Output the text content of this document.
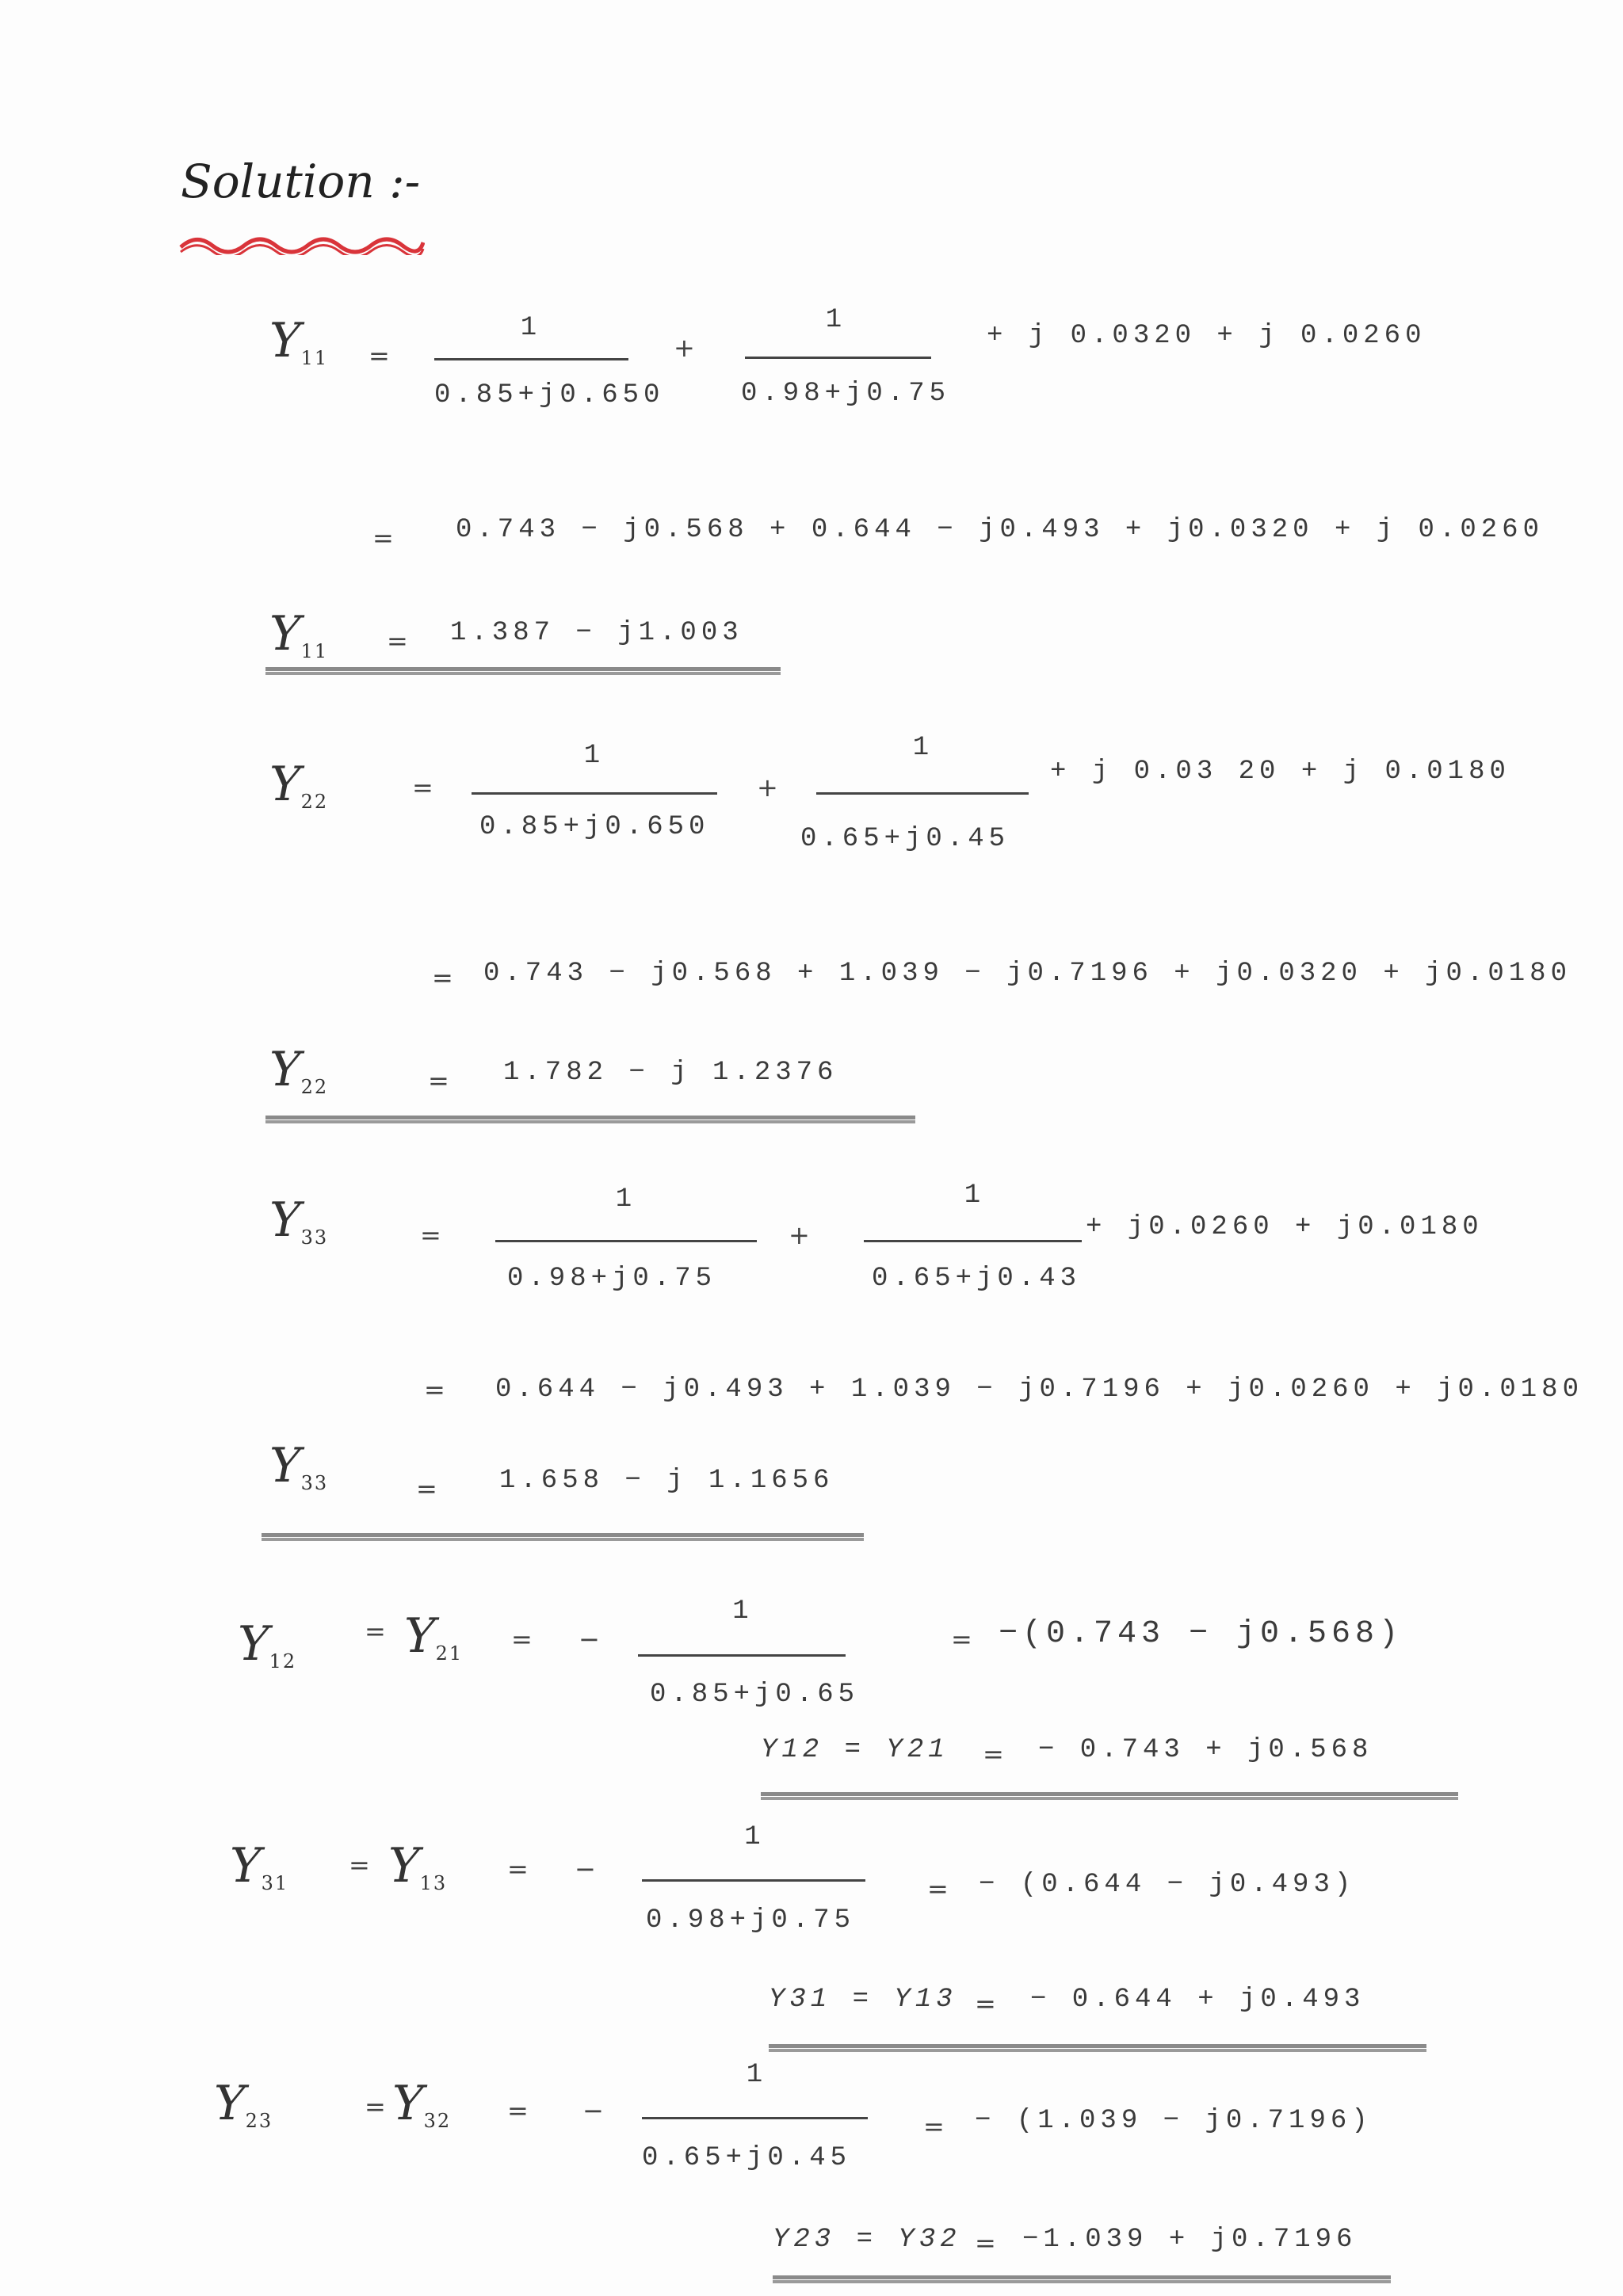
Solution :-
$Y_{11}$ =
1
0.85+j0.650
+
1
0.98+j0.75
+ j 0.0320 + j 0.0260
= 0.743 − j0.568 + 0.644 − j0.493 + j0.0320 + j 0.0260
$Y_{11} = 1.387 - j1.003$
$Y_{22}$	=
1
0.85+j0.650
+
1
0.65+j0.45
+ j 0.03 20 + j 0.0180
= 0.743 − j0.568 + 1.039 − j0.7196 + j0.0320 + j0.0180
$Y_{22}$	= 1.782 − j 1.2376
$Y_{33}$	=
1
0.98+j0.75
+
1
0.65+j0.43
+ j0.0260 + j0.0180
= 0.644 − j0.493 + 1.039 − j0.7196 + j0.0260 + j0.0180
$Y_{33}$	= 1.658 − j 1.1656
$Y_{12}$
= $Y_{21}$ = −
1
0.85+j0.65
= −(0.743 − j0.568)
Y12 = Y21 = − 0.743 + j0.568
$Y_{31}$
= $Y_{13}$ = −
1
0.98+j0.75
= − (0.644 − j0.493)
Y31 = Y13 = − 0.644 + j0.493
$Y_{23}$	= $Y_{32}$ = −
1
0.65+j0.45
= − (1.039 − j0.7196)
Y23 = Y32 = −1.039 + j0.7196
